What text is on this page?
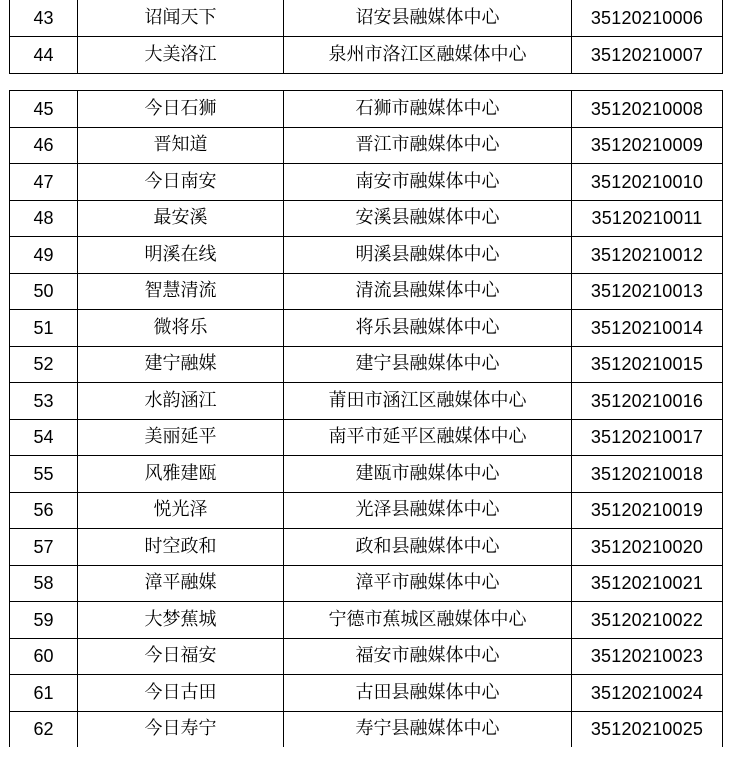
43	诏闻天下	诏安县融媒体中心	35120210006
44	大美洛江	泉州市洛江区融媒体中心	35120210007
45	今日石狮	石狮市融媒体中心	35120210008
46	晋知道	晋江市融媒体中心	35120210009
47	今日南安	南安市融媒体中心	35120210010
48	最安溪	安溪县融媒体中心	35120210011
49	明溪在线	明溪县融媒体中心	35120210012
50	智慧清流	清流县融媒体中心	35120210013
51	微将乐	将乐县融媒体中心	35120210014
52	建宁融媒	建宁县融媒体中心	35120210015
53	水韵涵江	莆田市涵江区融媒体中心	35120210016
54	美丽延平	南平市延平区融媒体中心	35120210017
55	风雅建瓯	建瓯市融媒体中心	35120210018
56	悦光泽	光泽县融媒体中心	35120210019
57	时空政和	政和县融媒体中心	35120210020
58	漳平融媒	漳平市融媒体中心	35120210021
59	大梦蕉城	宁德市蕉城区融媒体中心	35120210022
60	今日福安	福安市融媒体中心	35120210023
61	今日古田	古田县融媒体中心	35120210024
62	今日寿宁	寿宁县融媒体中心	35120210025
